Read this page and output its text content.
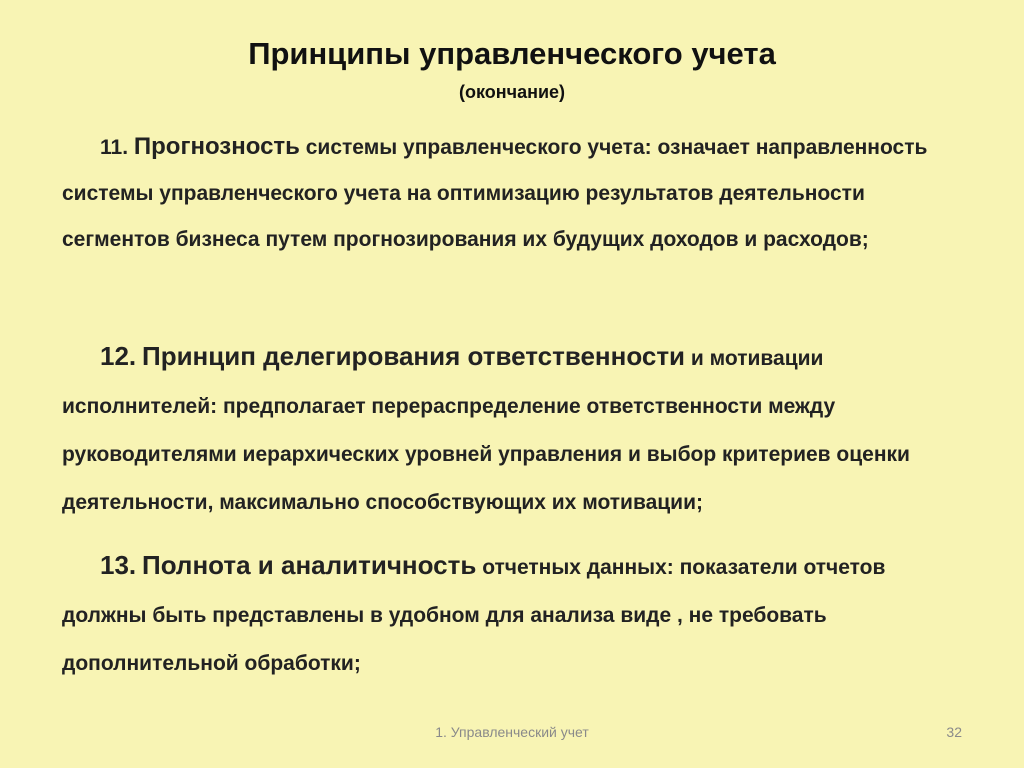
Принципы управленческого учета
(окончание)
11. Прогнозность системы управленческого учета: означает направленность системы управленческого учета на оптимизацию результатов деятельности сегментов бизнеса путем прогнозирования их будущих доходов и расходов;
12. Принцип делегирования ответственности и мотивации исполнителей: предполагает перераспределение ответственности между руководителями иерархических уровней управления и выбор критериев оценки деятельности, максимально способствующих их мотивации;
13. Полнота и аналитичность отчетных данных: показатели отчетов должны быть представлены в удобном для анализа виде , не требовать дополнительной обработки;
1. Управленческий учет	32
